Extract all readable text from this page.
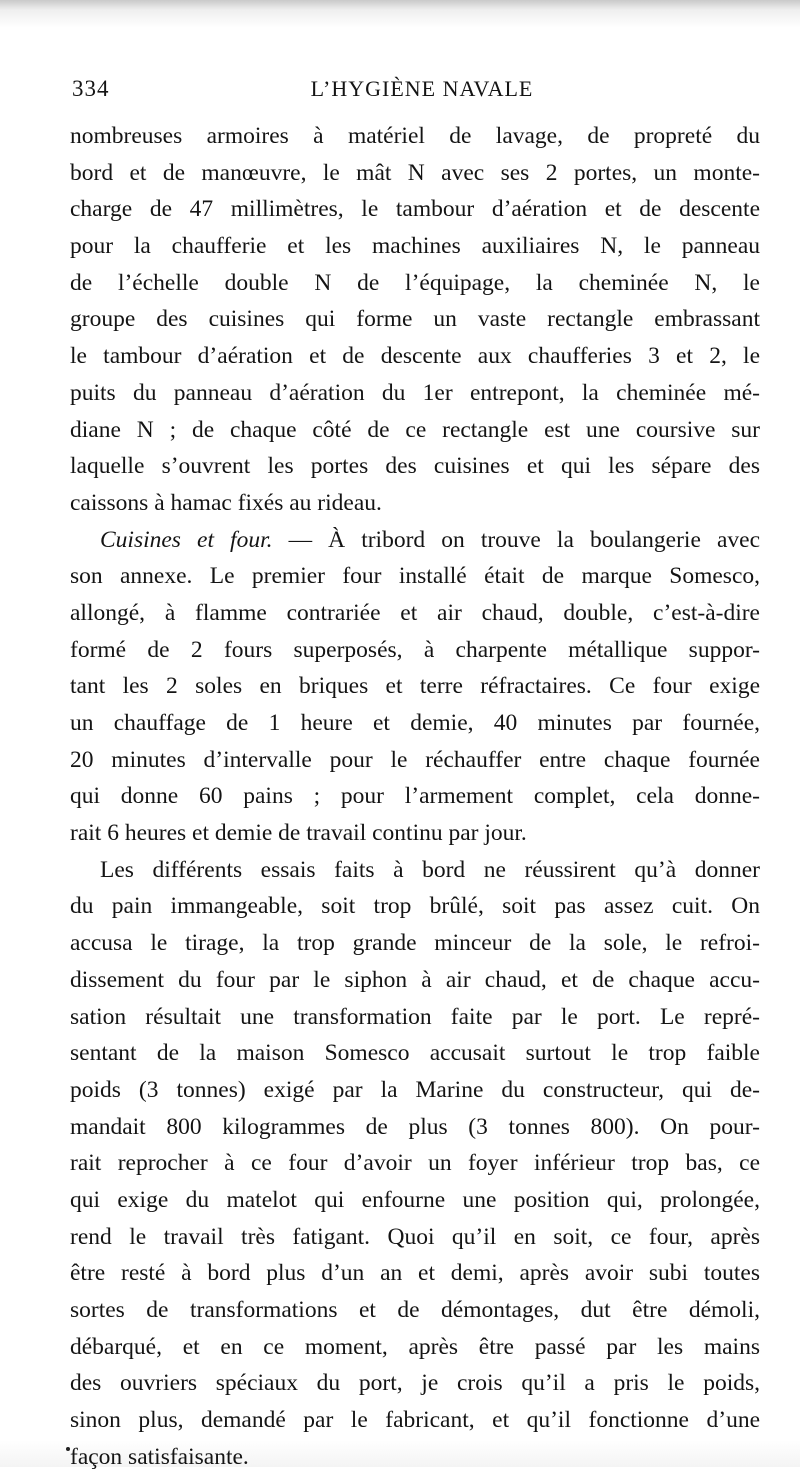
334	L’HYGIÈNE NAVALE
nombreuses armoires à matériel de lavage, de propreté du
bord et de manœuvre, le mât N avec ses 2 portes, un monte-
charge de 47 millimètres, le tambour d’aération et de descente
pour la chaufferie et les machines auxiliaires N, le panneau
de l’échelle double N de l’équipage, la cheminée N, le
groupe des cuisines qui forme un vaste rectangle embrassant
le tambour d’aération et de descente aux chaufferies 3 et 2, le
puits du panneau d’aération du 1er entrepont, la cheminée mé-
diane N ; de chaque côté de ce rectangle est une coursive sur
laquelle s’ouvrent les portes des cuisines et qui les sépare des
caissons à hamac fixés au rideau.
Cuisines et four. — À tribord on trouve la boulangerie avec
son annexe. Le premier four installé était de marque Somesco,
allongé, à flamme contrariée et air chaud, double, c’est-à-dire
formé de 2 fours superposés, à charpente métallique suppor-
tant les 2 soles en briques et terre réfractaires. Ce four exige
un chauffage de 1 heure et demie, 40 minutes par fournée,
20 minutes d’intervalle pour le réchauffer entre chaque fournée
qui donne 60 pains ; pour l’armement complet, cela donne-
rait 6 heures et demie de travail continu par jour.
Les différents essais faits à bord ne réussirent qu’à donner
du pain immangeable, soit trop brûlé, soit pas assez cuit. On
accusa le tirage, la trop grande minceur de la sole, le refroi-
dissement du four par le siphon à air chaud, et de chaque accu-
sation résultait une transformation faite par le port. Le repré-
sentant de la maison Somesco accusait surtout le trop faible
poids (3 tonnes) exigé par la Marine du constructeur, qui de-
mandait 800 kilogrammes de plus (3 tonnes 800). On pour-
rait reprocher à ce four d’avoir un foyer inférieur trop bas, ce
qui exige du matelot qui enfourne une position qui, prolongée,
rend le travail très fatigant. Quoi qu’il en soit, ce four, après
être resté à bord plus d’un an et demi, après avoir subi toutes
sortes de transformations et de démontages, dut être démoli,
débarqué, et en ce moment, après être passé par les mains
des ouvriers spéciaux du port, je crois qu’il a pris le poids,
sinon plus, demandé par le fabricant, et qu’il fonctionne d’une
façon satisfaisante.
